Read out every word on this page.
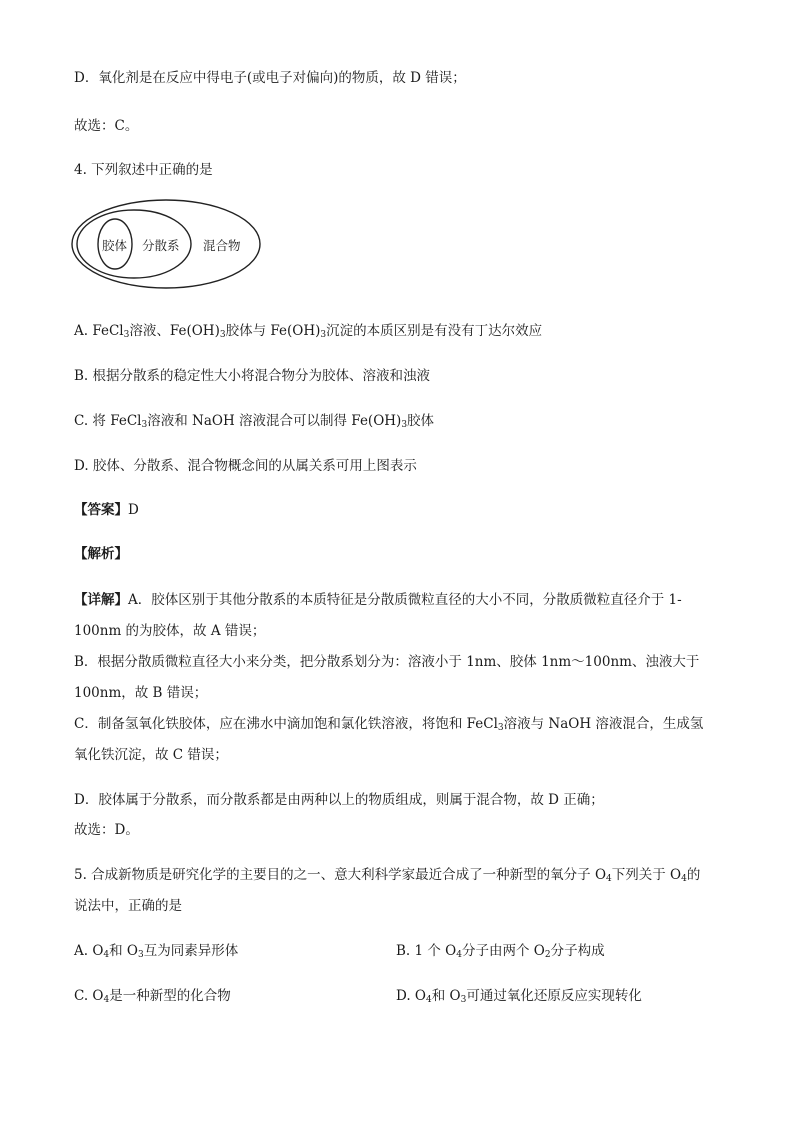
D．氧化剂是在反应中得电子(或电子对偏向)的物质，故 D 错误；
故选：C。
4. 下列叙述中正确的是
胶体 分散系 混合物
A. FeCl$_3$溶液、$Fe(OH)_3$胶体与 $Fe(OH)_3$沉淀的本质区别是有没有丁达尔效应
B. 根据分散系的稳定性大小将混合物分为胶体、溶液和浊液
C. 将 FeCl$_3$溶液和 NaOH 溶液混合可以制得 $Fe(OH)_3$胶体
D. 胶体、分散系、混合物概念间的从属关系可用上图表示
【答案】D
【解析】
【详解】A．胶体区别于其他分散系的本质特征是分散质微粒直径的大小不同，分散质微粒直径介于 1-
100nm 的为胶体，故 A 错误；
B．根据分散质微粒直径大小来分类，把分散系划分为：溶液小于 1nm、胶体 1nm～100nm、浊液大于
100nm，故 B 错误；
C．制备氢氧化铁胶体，应在沸水中滴加饱和氯化铁溶液，将饱和 FeCl$_3$溶液与 NaOH 溶液混合，生成氢
氧化铁沉淀，故 C 错误；
D．胶体属于分散系，而分散系都是由两种以上的物质组成，则属于混合物，故 D 正确；
故选：D。
5. 合成新物质是研究化学的主要目的之一、意大利科学家最近合成了一种新型的氧分子 $O_4$下列关于 $O_4$的
说法中，正确的是
A. $O_4$和 $O_3$互为同素异形体	B. 1 个 $O_4$分子由两个 $O_2$分子构成
C. $O_4$是一种新型的化合物	D. $O_4$和 $O_3$可通过氧化还原反应实现转化
